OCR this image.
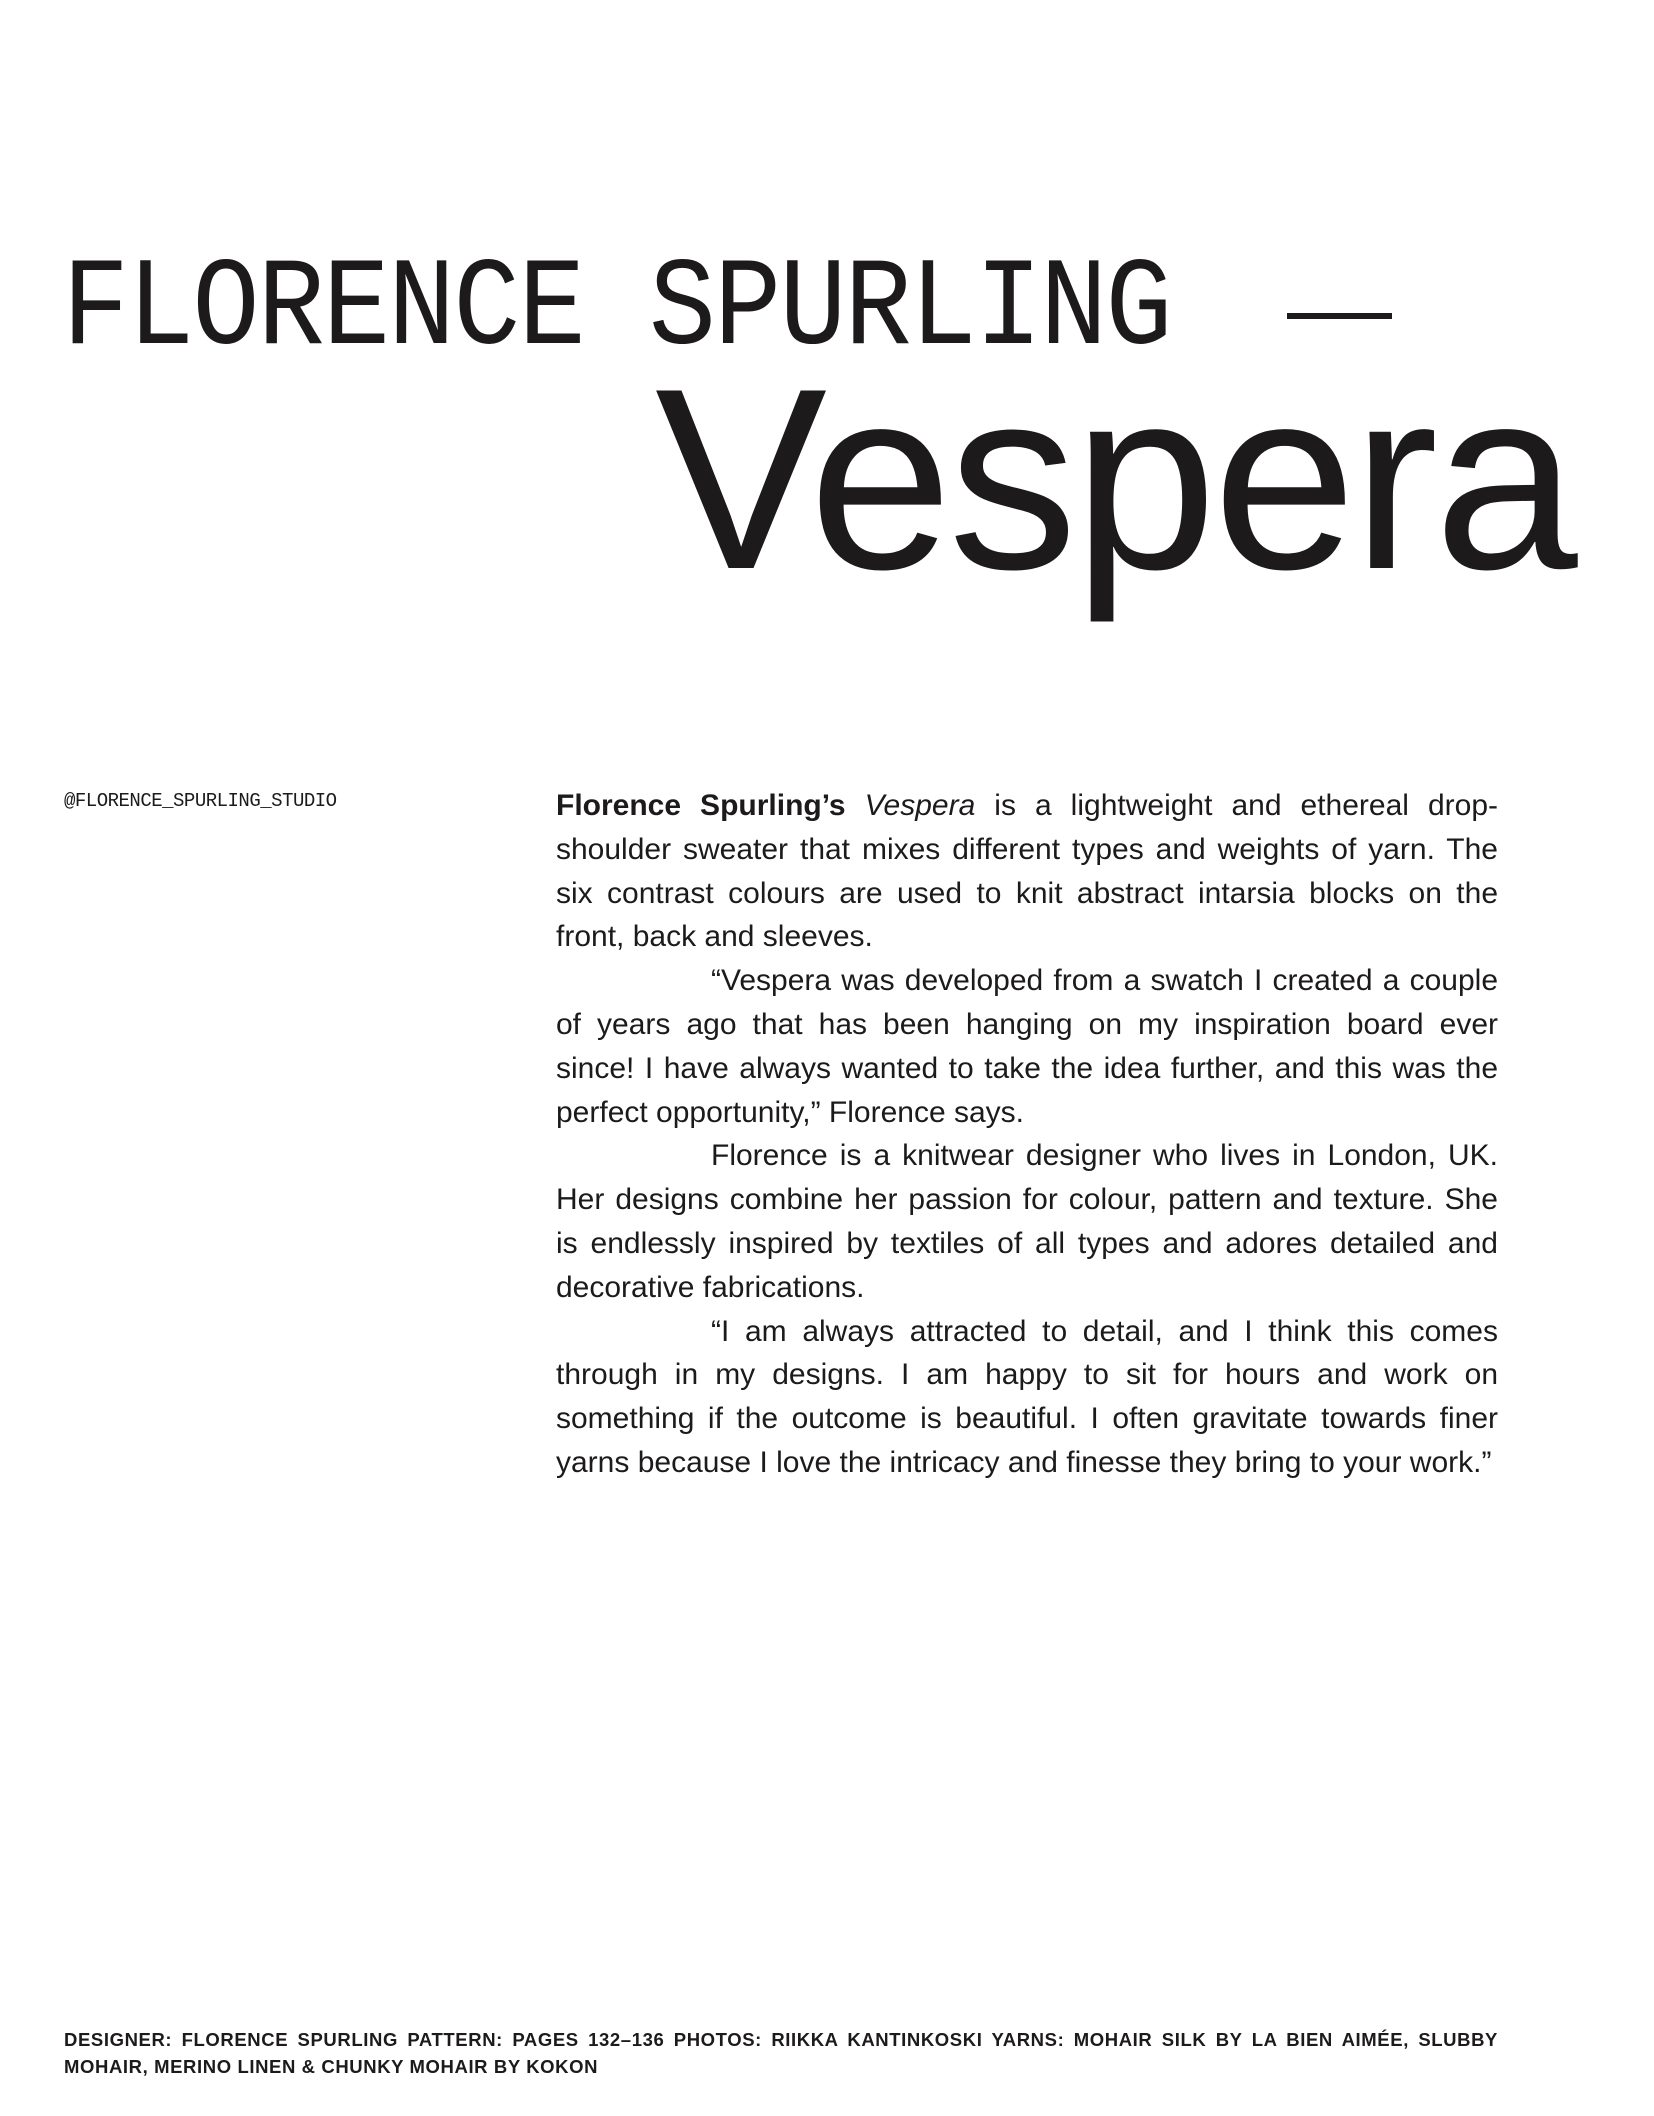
FLORENCE SPURLING
Vespera
@FLORENCE_SPURLING_STUDIO	Florence Spurling’s Vespera is a lightweight and ethereal drop-shoulder sweater that mixes different types and weights of yarn. The six contrast colours are used to knit abstract intarsia blocks on the front, back and sleeves.

“Vespera was developed from a swatch I created a couple of years ago that has been hanging on my inspiration board ever since! I have always wanted to take the idea further, and this was the perfect opportunity,” Florence says.

Florence is a knitwear designer who lives in London, UK. Her designs combine her passion for colour, pattern and texture. She is endlessly inspired by textiles of all types and adores detailed and decorative fabrications.

“I am always attracted to detail, and I think this comes through in my designs. I am happy to sit for hours and work on something if the outcome is beautiful. I often gravitate towards finer yarns because I love the intricacy and finesse they bring to your work.”

DESIGNER: FLORENCE SPURLING PATTERN: PAGES 132–136 PHOTOS: RIIKKA KANTINKOSKI YARNS: MOHAIR SILK BY LA BIEN AIMÉE, SLUBBY MOHAIR, MERINO LINEN & CHUNKY MOHAIR BY KOKON
